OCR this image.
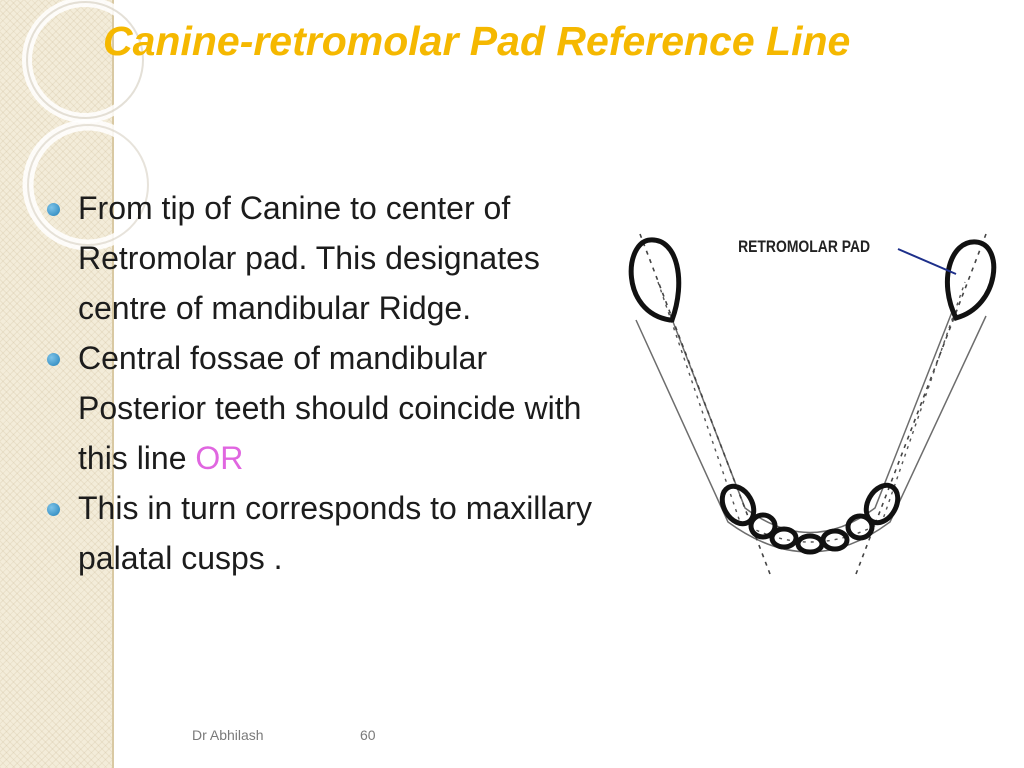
Canine-retromolar Pad Reference Line
From tip of Canine to center of Retromolar pad. This designates centre of mandibular Ridge.
Central fossae of mandibular Posterior teeth should coincide with this line OR
This in turn corresponds to maxillary palatal cusps .
RETROMOLAR PAD
Dr Abhilash	60
